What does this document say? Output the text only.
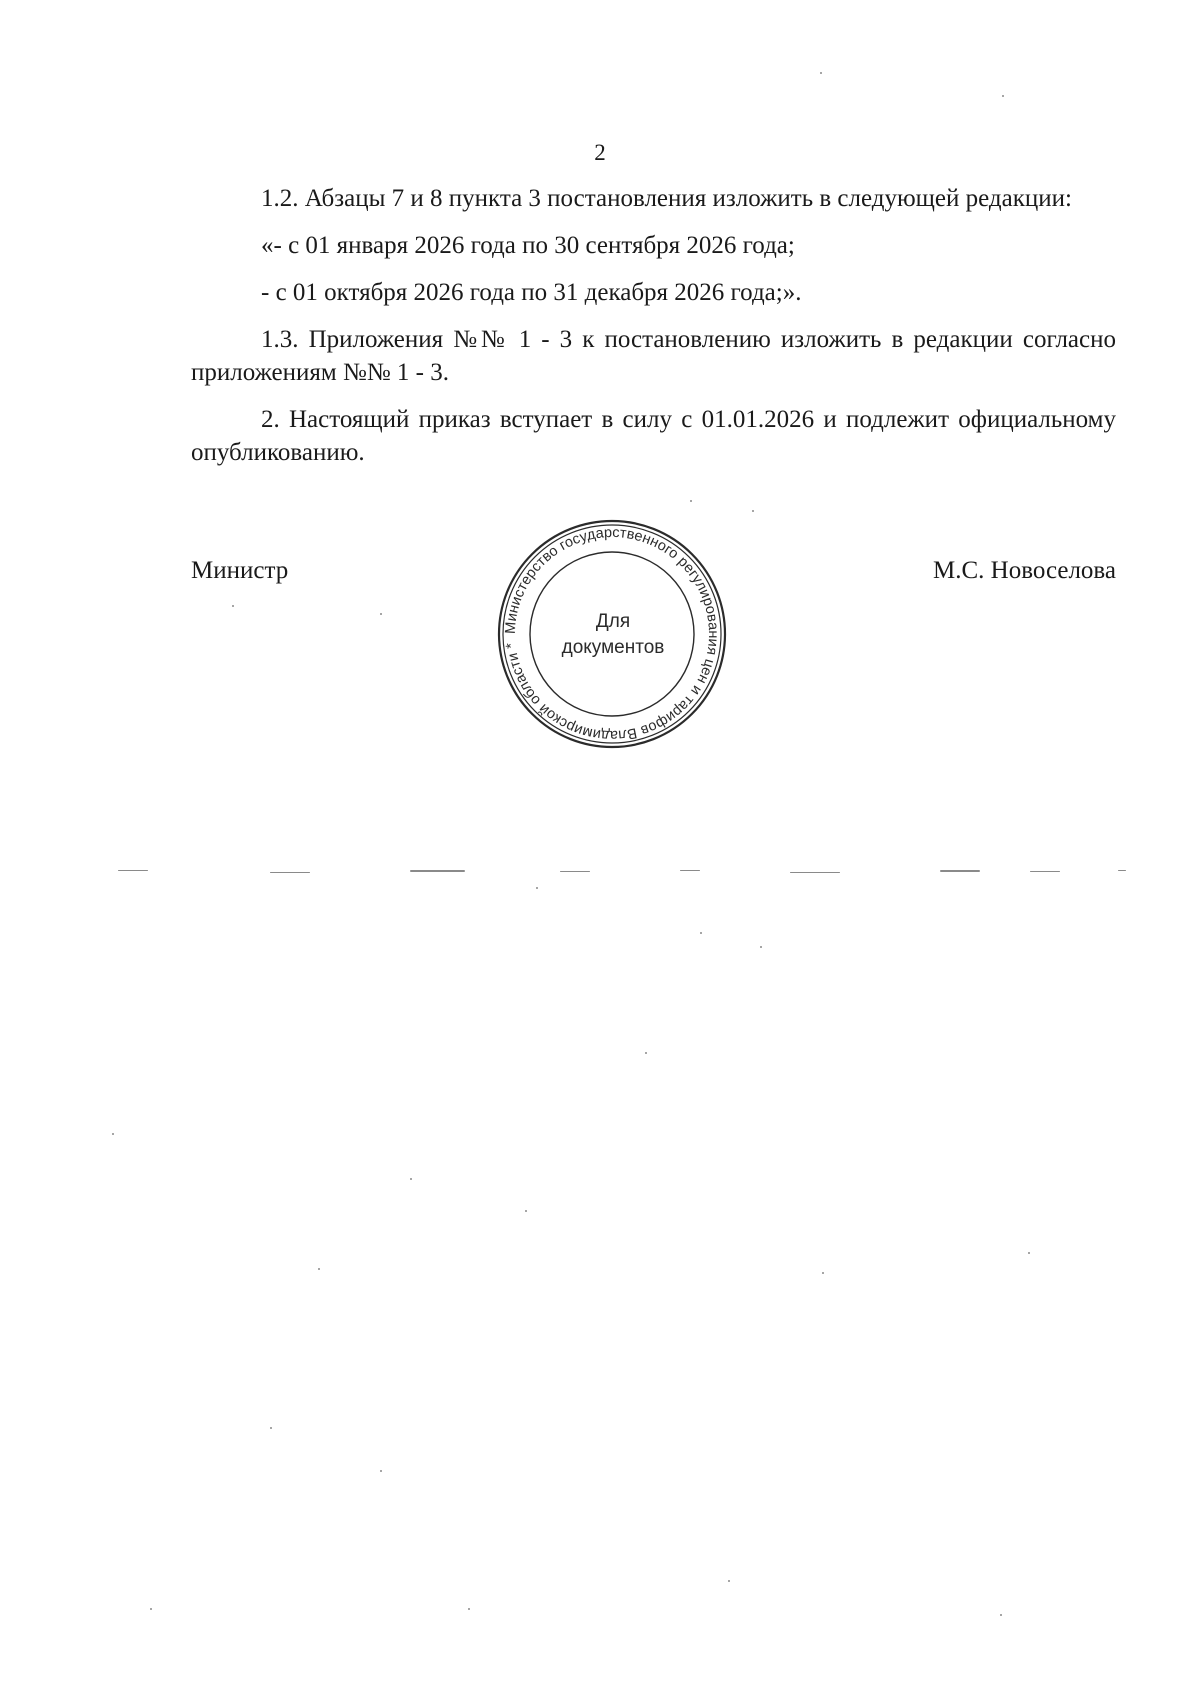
2

1.2. Абзацы 7 и 8 пункта 3 постановления изложить в следующей редакции:

«- с 01 января 2026 года по 30 сентября 2026 года;

- с 01 октября 2026 года по 31 декабря 2026 года;».

1.3. Приложения №№ 1 - 3 к постановлению изложить в редакции согласно приложениям №№ 1 - 3.

2. Настоящий приказ вступает в силу с 01.01.2026 и подлежит официальному опубликованию.

Министр	М.С. Новоселова
Министерство государственного регулирования цен и тарифов Владимирской области *
Для
документов
